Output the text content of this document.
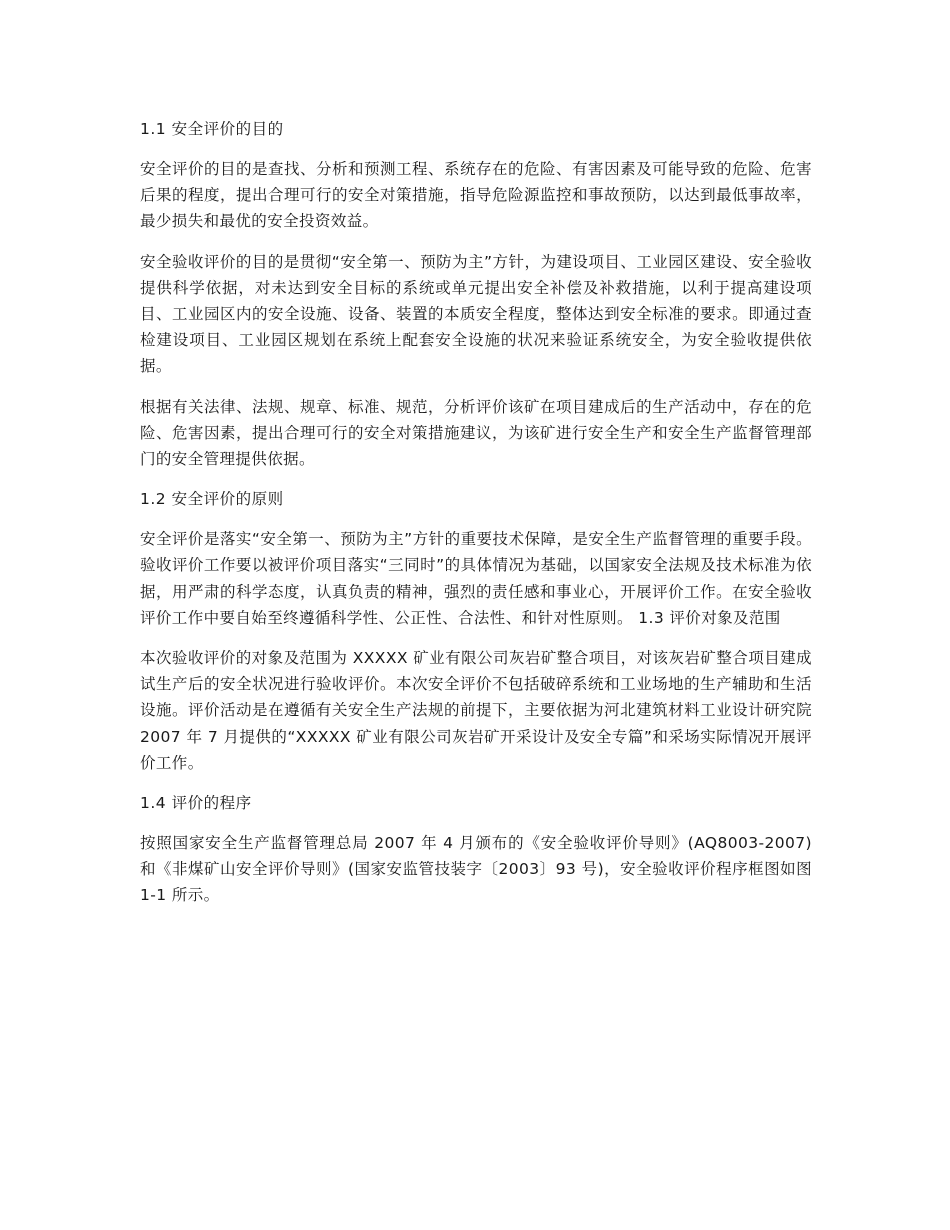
1.1 安全评价的目的

安全评价的目的是查找、分析和预测工程、系统存在的危险、有害因素及可能导致的危险、危害后果的程度，提出合理可行的安全对策措施，指导危险源监控和事故预防，以达到最低事故率，最少损失和最优的安全投资效益。

安全验收评价的目的是贯彻“安全第一、预防为主”方针，为建设项目、工业园区建设、安全验收提供科学依据，对未达到安全目标的系统或单元提出安全补偿及补救措施，以利于提高建设项目、工业园区内的安全设施、设备、装置的本质安全程度，整体达到安全标准的要求。即通过查检建设项目、工业园区规划在系统上配套安全设施的状况来验证系统安全，为安全验收提供依据。

根据有关法律、法规、规章、标准、规范，分析评价该矿在项目建成后的生产活动中，存在的危险、危害因素，提出合理可行的安全对策措施建议，为该矿进行安全生产和安全生产监督管理部门的安全管理提供依据。

1.2 安全评价的原则

安全评价是落实“安全第一、预防为主”方针的重要技术保障，是安全生产监督管理的重要手段。验收评价工作要以被评价项目落实“三同时”的具体情况为基础，以国家安全法规及技术标准为依据，用严肃的科学态度，认真负责的精神，强烈的责任感和事业心，开展评价工作。在安全验收评价工作中要自始至终遵循科学性、公正性、合法性、和针对性原则。 1.3 评价对象及范围

本次验收评价的对象及范围为 XXXXX 矿业有限公司灰岩矿整合项目，对该灰岩矿整合项目建成试生产后的安全状况进行验收评价。本次安全评价不包括破碎系统和工业场地的生产辅助和生活设施。评价活动是在遵循有关安全生产法规的前提下，主要依据为河北建筑材料工业设计研究院 2007 年 7 月提供的“XXXXX 矿业有限公司灰岩矿开采设计及安全专篇”和采场实际情况开展评价工作。

1.4 评价的程序

按照国家安全生产监督管理总局 2007 年 4 月颁布的《安全验收评价导则》(AQ8003-2007)和《非煤矿山安全评价导则》(国家安监管技装字〔2003〕93 号)，安全验收评价程序框图如图 1-1 所示。
